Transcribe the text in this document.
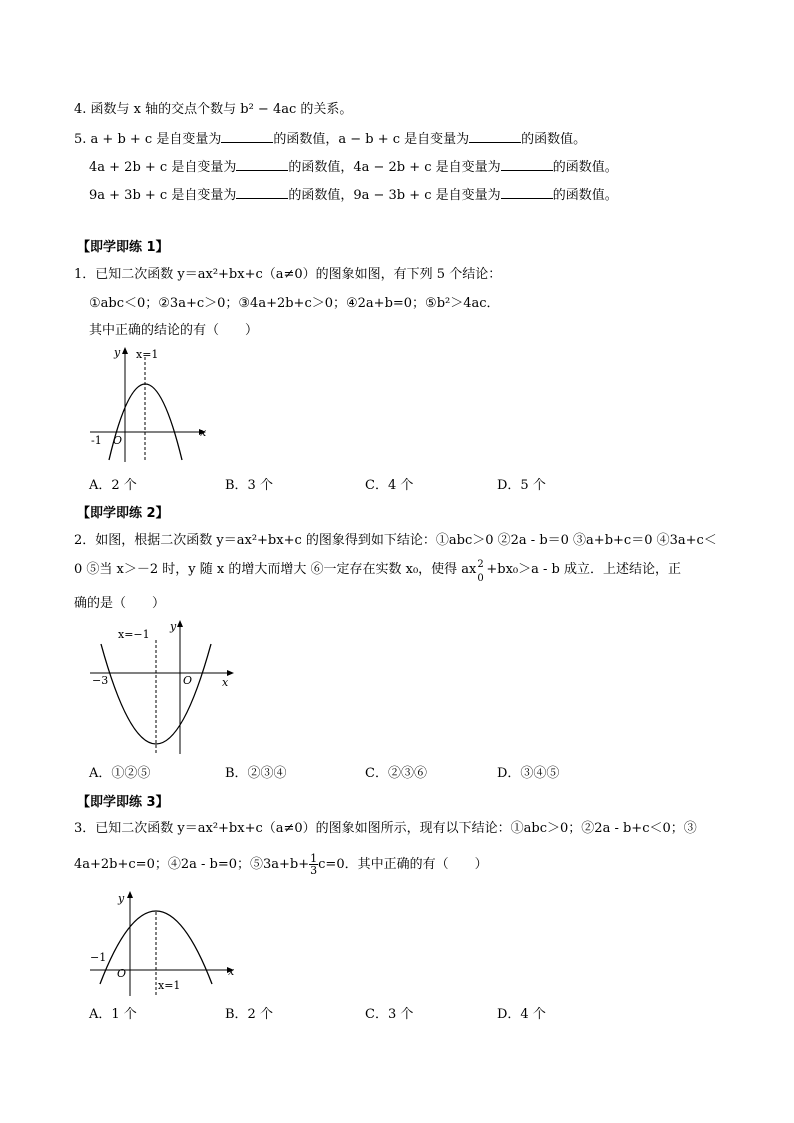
4. 函数与 x 轴的交点个数与 b² − 4ac 的关系。
5. a + b + c 是自变量为	的函数值，a − b + c 是自变量为	的函数值。
4a + 2b + c 是自变量为	的函数值，4a − 2b + c 是自变量为	的函数值。
9a + 3b + c 是自变量为	的函数值，9a − 3b + c 是自变量为	的函数值。
【即学即练 1】
1．已知二次函数 y＝ax²+bx+c（a≠0）的图象如图，有下列 5 个结论：
①abc＜0；②3a+c＞0；③4a+2b+c＞0；④2a+b=0；⑤b²＞4ac．
其中正确的结论的有（　　）
y
x
x=1
O
-1
A．2 个	B．3 个	C．4 个	D．5 个
【即学即练 2】
2．如图，根据二次函数 y＝ax²+bx+c 的图象得到如下结论：①abc＞0 ②2a - b＝0 ③a+b+c＝0 ④3a+c＜
0 ⑤当 x＞－2 时，y 随 x 的增大而增大 ⑥一定存在实数 x₀，使得 ax 2
0
+bx₀＞a - b 成立．上述结论，正
确的是（　　）
y
x
x=−1
O
−3
A．①②⑤	B．②③④	C．②③⑥	D．③④⑤
【即学即练 3】
3．已知二次函数 y＝ax²+bx+c（a≠0）的图象如图所示，现有以下结论：①abc＞0；②2a - b+c＜0；③
4a+2b+c=0；④2a - b=0；⑤3a+b+ $\frac{1}{3} c=0$．其中正确的有（　　）
y
x
x=1
O
−1
A．1 个	B．2 个	C．3 个	D．4 个
